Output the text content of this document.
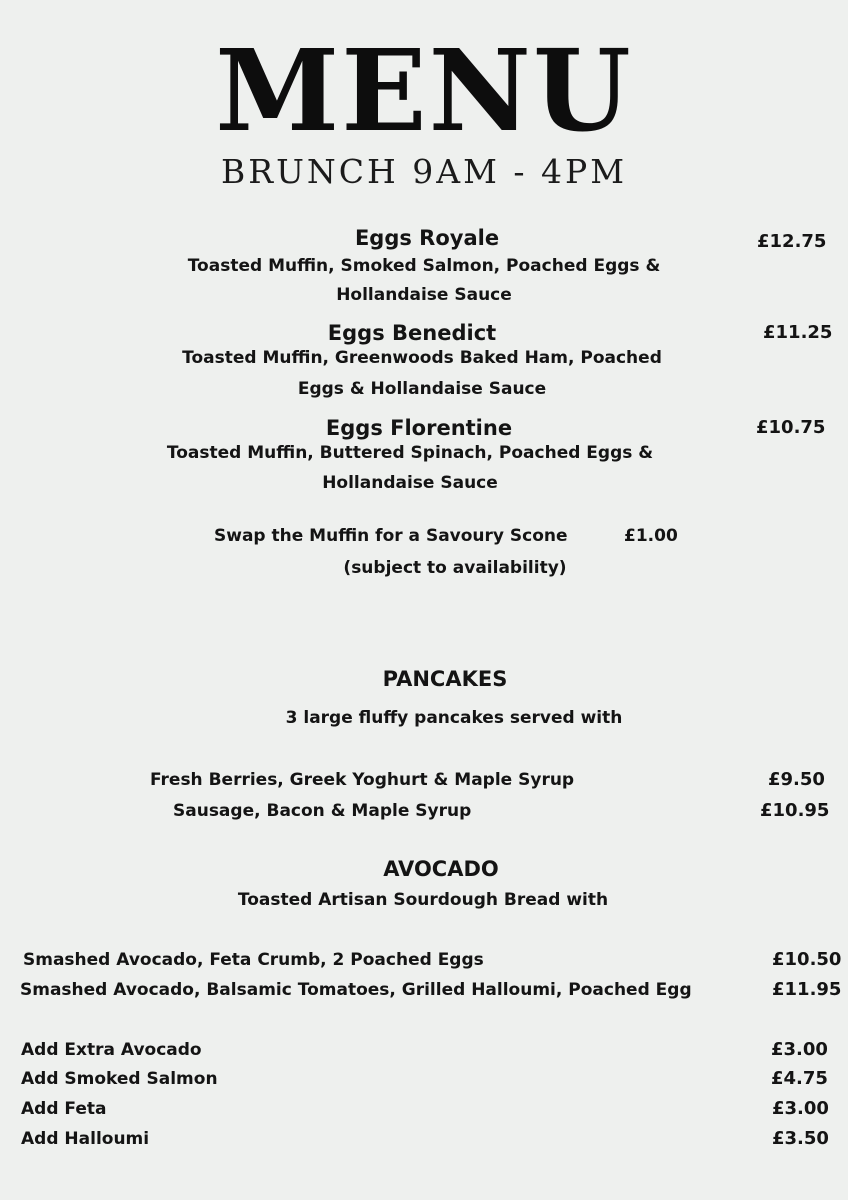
MENU
BRUNCH 9AM - 4PM
Eggs Royale	£12.75
Toasted Muffin, Smoked Salmon, Poached Eggs &
Hollandaise Sauce
Eggs Benedict	£11.25
Toasted Muffin, Greenwoods Baked Ham, Poached
Eggs & Hollandaise Sauce
Eggs Florentine	£10.75
Toasted Muffin, Buttered Spinach, Poached Eggs &
Hollandaise Sauce
Swap the Muffin for a Savoury Scone	£1.00
(subject to availability)
PANCAKES
3 large fluffy pancakes served with
Fresh Berries, Greek Yoghurt & Maple Syrup	£9.50
Sausage, Bacon & Maple Syrup	£10.95
AVOCADO
Toasted Artisan Sourdough Bread with
Smashed Avocado, Feta Crumb, 2 Poached Eggs	£10.50
Smashed Avocado, Balsamic Tomatoes, Grilled Halloumi, Poached Egg	£11.95
Add Extra Avocado	£3.00
Add Smoked Salmon	£4.75
Add Feta	£3.00
Add Halloumi	£3.50
